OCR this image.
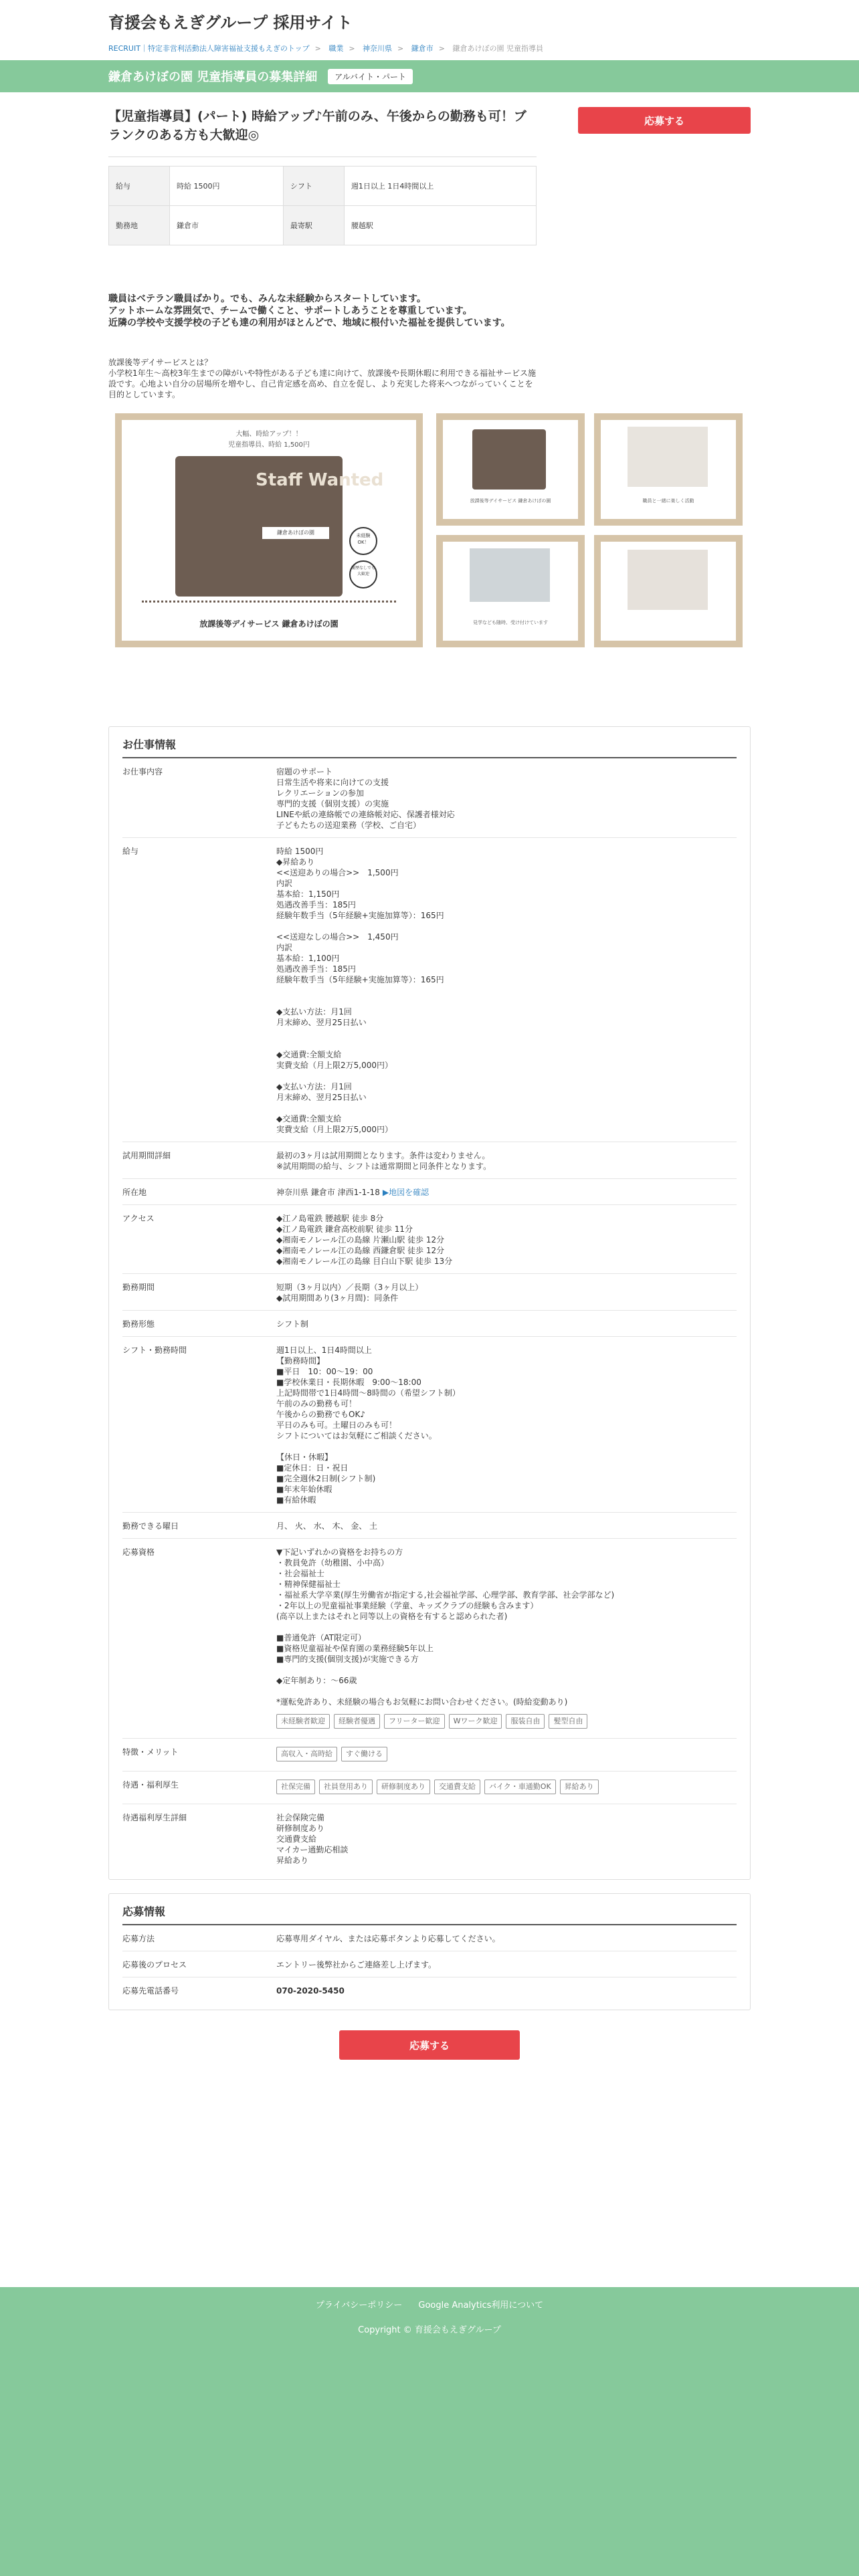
育援会もえぎグループ 採用サイト
RECRUIT｜特定非営利活動法人障害福祉支援もえぎのトップ > 職業 > 神奈川県 > 鎌倉市 > 鎌倉あけぼの園 児童指導員
鎌倉あけぼの園 児童指導員の募集詳細	アルバイト・パート
【児童指導員】(パート) 時給アップ♪午前のみ、午後からの勤務も可！ブランクのある方も大歓迎◎
応募する
給与	時給 1500円	シフト	週1日以上 1日4時間以上
勤務地	鎌倉市	最寄駅	腰越駅

職員はベテラン職員ばかり。でも、みんな未経験からスタートしています。
アットホームな雰囲気で、チームで働くこと、サポートしあうことを尊重しています。
近隣の学校や支援学校の子ども達の利用がほとんどで、地域に根付いた福祉を提供しています。

放課後等デイサービスとは？
小学校1年生～高校3年生までの障がいや特性がある子ども達に向けて、放課後や長期休暇に利用できる福祉サービス施設です。心地よい自分の居場所を増やし、自己肯定感を高め、自立を促し、より充実した将来へつながっていくことを目的としています。

大幅、時給アップ！！
児童指導員、時給 1,500円
Staff Wanted
鎌倉あけぼの園	未経験OK！
履歴なしでも大歓迎
放課後等デイサービス 鎌倉あけぼの園
放課後等デイサービス 鎌倉あけぼの園	職員と一緒に楽しく活動
見学なども随時、受け付けています
お仕事情報
お仕事内容	宿題のサポート
日常生活や将来に向けての支援
レクリエーションの参加
専門的支援（個別支援）の実施
LINEや紙の連絡帳での連絡帳対応、保護者様対応
子どもたちの送迎業務（学校、ご自宅）
給与	時給 1500円
◆昇給あり
<<送迎ありの場合>>　1,500円
内訳
基本給：1,150円
処遇改善手当：185円
経験年数手当（5年経験+実施加算等）：165円

<<送迎なしの場合>>　1,450円
内訳
基本給：1,100円
処遇改善手当：185円
経験年数手当（5年経験+実施加算等）：165円

◆支払い方法：月1回
月末締め、翌月25日払い

◆交通費:全額支給
実費支給（月上限2万5,000円）

◆支払い方法：月1回
月末締め、翌月25日払い

◆交通費:全額支給
実費支給（月上限2万5,000円）
試用期間詳細	最初の3ヶ月は試用期間となります。条件は変わりません。
※試用期間の給与、シフトは通常期間と同条件となります。
所在地	神奈川県 鎌倉市 津西1-1-18 ▶地図を確認
アクセス	◆江ノ島電鉄 腰越駅 徒歩 8分
◆江ノ島電鉄 鎌倉高校前駅 徒歩 11分
◆湘南モノレール江の島線 片瀬山駅 徒歩 12分
◆湘南モノレール江の島線 西鎌倉駅 徒歩 12分
◆湘南モノレール江の島線 目白山下駅 徒歩 13分
勤務期間	短期（3ヶ月以内）／長期（3ヶ月以上）
◆試用期間あり(3ヶ月間)：同条件
勤務形態	シフト制
シフト・勤務時間	週1日以上、1日4時間以上
【勤務時間】
■平日　10：00～19：00
■学校休業日・長期休暇　9:00～18:00
上記時間帯で1日4時間～8時間の（希望シフト制）
午前のみの勤務も可！
午後からの勤務でもOK♪
平日のみも可。土曜日のみも可！
シフトについてはお気軽にご相談ください。

【休日・休暇】
■定休日：日・祝日
■完全週休2日制(シフト制)
■年末年始休暇
■有給休暇
勤務できる曜日	月、 火、 水、 木、 金、 土
応募資格	▼下記いずれかの資格をお持ちの方
・教員免許（幼稚園、小中高）
・社会福祉士
・精神保健福祉士
・福祉系大学卒業(厚生労働省が指定する,社会福祉学部、心理学部、教育学部、社会学部など)
・2年以上の児童福祉事業経験（学童、キッズクラブの経験も含みます）
(高卒以上またはそれと同等以上の資格を有すると認められた者)

■普通免許（AT限定可）
■資格児童福祉や保育園の業務経験5年以上
■専門的支援(個別支援)が実施できる方

◆定年制あり：～66歳

*運転免許あり、未経験の場合もお気軽にお問い合わせください。(時給変動あり)
未経験者歓迎 経験者優遇 フリーター歓迎 Wワーク歓迎 服装自由 髪型自由
特徴・メリット	高収入・高時給 すぐ働ける
待遇・福利厚生	社保完備 社員登用あり 研修制度あり 交通費支給 バイク・車通勤OK 昇給あり
待遇福利厚生詳細	社会保険完備
研修制度あり
交通費支給
マイカー通勤応相談
昇給あり
応募情報
応募方法	応募専用ダイヤル、または応募ボタンより応募してください。
応募後のプロセス	エントリー後弊社からご連絡差し上げます。
応募先電話番号	070-2020-5450
応募する
プライバシーポリシー Google Analytics利用について
Copyright © 育援会もえぎグループ
